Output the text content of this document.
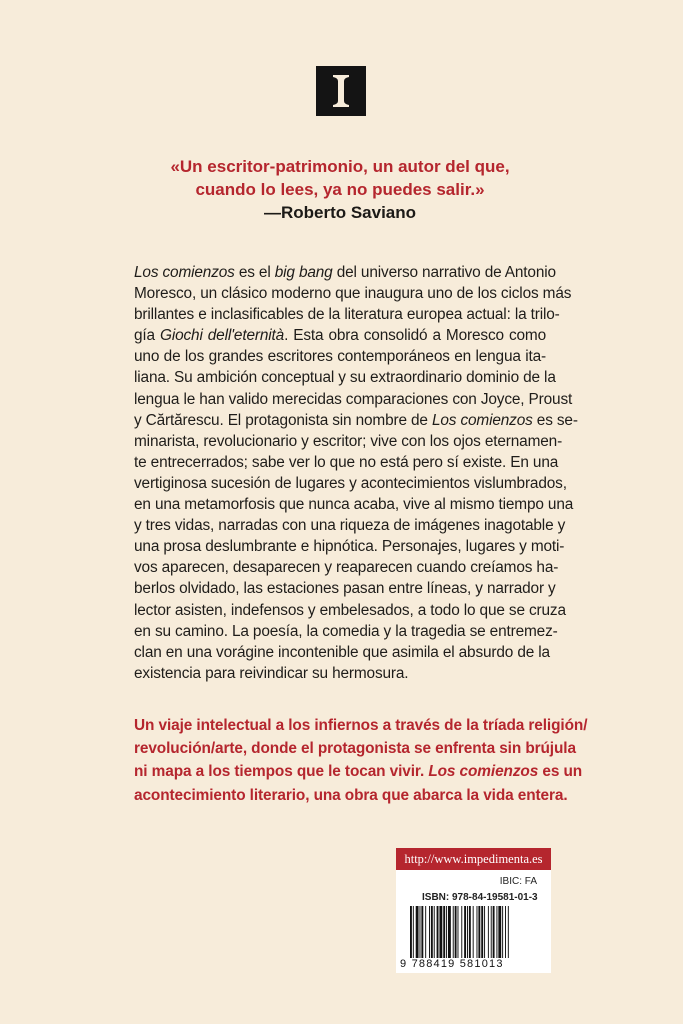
«Un escritor-patrimonio, un autor del que,
cuando lo lees, ya no puedes salir.»
—Roberto Saviano
Los comienzos es el big bang del universo narrativo de Antonio
Moresco, un clásico moderno que inaugura uno de los ciclos más
brillantes e inclasificables de la literatura europea actual: la trilo-
gía Giochi dell'eternità. Esta obra consolidó a Moresco como
uno de los grandes escritores contemporáneos en lengua ita-
liana. Su ambición conceptual y su extraordinario dominio de la
lengua le han valido merecidas comparaciones con Joyce, Proust
y Cărtărescu. El protagonista sin nombre de Los comienzos es se-
minarista, revolucionario y escritor; vive con los ojos eternamen-
te entrecerrados; sabe ver lo que no está pero sí existe. En una
vertiginosa sucesión de lugares y acontecimientos vislumbrados,
en una metamorfosis que nunca acaba, vive al mismo tiempo una
y tres vidas, narradas con una riqueza de imágenes inagotable y
una prosa deslumbrante e hipnótica. Personajes, lugares y moti-
vos aparecen, desaparecen y reaparecen cuando creíamos ha-
berlos olvidado, las estaciones pasan entre líneas, y narrador y
lector asisten, indefensos y embelesados, a todo lo que se cruza
en su camino. La poesía, la comedia y la tragedia se entremez-
clan en una vorágine incontenible que asimila el absurdo de la
existencia para reivindicar su hermosura.
Un viaje intelectual a los infiernos a través de la tríada religión/
revolución/arte, donde el protagonista se enfrenta sin brújula
ni mapa a los tiempos que le tocan vivir. Los comienzos es un
acontecimiento literario, una obra que abarca la vida entera.
http://www.impedimenta.es
IBIC: FA
ISBN: 978-84-19581-01-3
9 788419 581013
